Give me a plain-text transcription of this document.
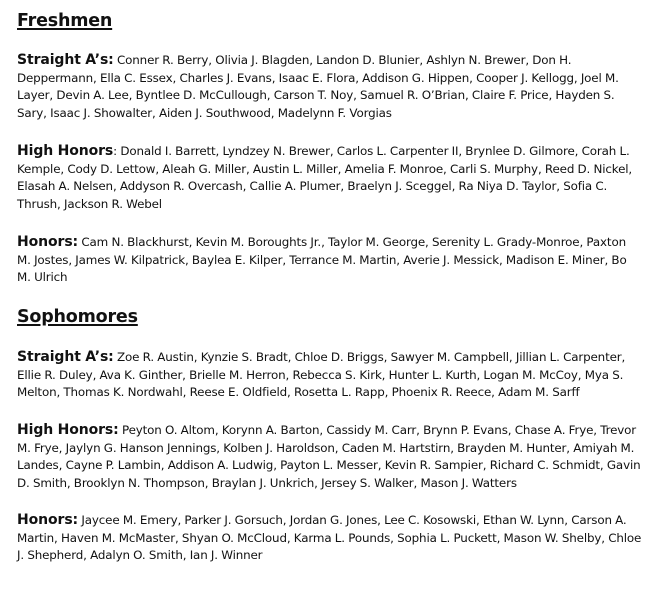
Freshmen

Straight A’s: Conner R. Berry, Olivia J. Blagden, Landon D. Blunier, Ashlyn N. Brewer, Don H. Deppermann, Ella C. Essex, Charles J. Evans, Isaac E. Flora, Addison G. Hippen, Cooper J. Kellogg, Joel M. Layer, Devin A. Lee, Byntlee D. McCullough, Carson T. Noy, Samuel R. O’Brian, Claire F. Price, Hayden S. Sary, Isaac J. Showalter, Aiden J. Southwood, Madelynn F. Vorgias

High Honors: Donald I. Barrett, Lyndzey N. Brewer, Carlos L. Carpenter II, Brynlee D. Gilmore, Corah L. Kemple, Cody D. Lettow, Aleah G. Miller, Austin L. Miller, Amelia F. Monroe, Carli S. Murphy, Reed D. Nickel, Elasah A. Nelsen, Addyson R. Overcash, Callie A. Plumer, Braelyn J. Sceggel, Ra Niya D. Taylor, Sofia C. Thrush, Jackson R. Webel

Honors: Cam N. Blackhurst, Kevin M. Boroughts Jr., Taylor M. George, Serenity L. Grady-Monroe, Paxton M. Jostes, James W. Kilpatrick, Baylea E. Kilper, Terrance M. Martin, Averie J. Messick, Madison E. Miner, Bo M. Ulrich

Sophomores

Straight A’s: Zoe R. Austin, Kynzie S. Bradt, Chloe D. Briggs, Sawyer M. Campbell, Jillian L. Carpenter, Ellie R. Duley, Ava K. Ginther, Brielle M. Herron, Rebecca S. Kirk, Hunter L. Kurth, Logan M. McCoy, Mya S. Melton, Thomas K. Nordwahl, Reese E. Oldfield, Rosetta L. Rapp, Phoenix R. Reece, Adam M. Sarff

High Honors: Peyton O. Altom, Korynn A. Barton, Cassidy M. Carr, Brynn P. Evans, Chase A. Frye, Trevor M. Frye, Jaylyn G. Hanson Jennings, Kolben J. Haroldson, Caden M. Hartstirn, Brayden M. Hunter, Amiyah M. Landes, Cayne P. Lambin, Addison A. Ludwig, Payton L. Messer, Kevin R. Sampier, Richard C. Schmidt, Gavin D. Smith, Brooklyn N. Thompson, Braylan J. Unkrich, Jersey S. Walker, Mason J. Watters

Honors: Jaycee M. Emery, Parker J. Gorsuch, Jordan G. Jones, Lee C. Kosowski, Ethan W. Lynn, Carson A. Martin, Haven M. McMaster, Shyan O. McCloud, Karma L. Pounds, Sophia L. Puckett, Mason W. Shelby, Chloe J. Shepherd, Adalyn O. Smith, Ian J. Winner
